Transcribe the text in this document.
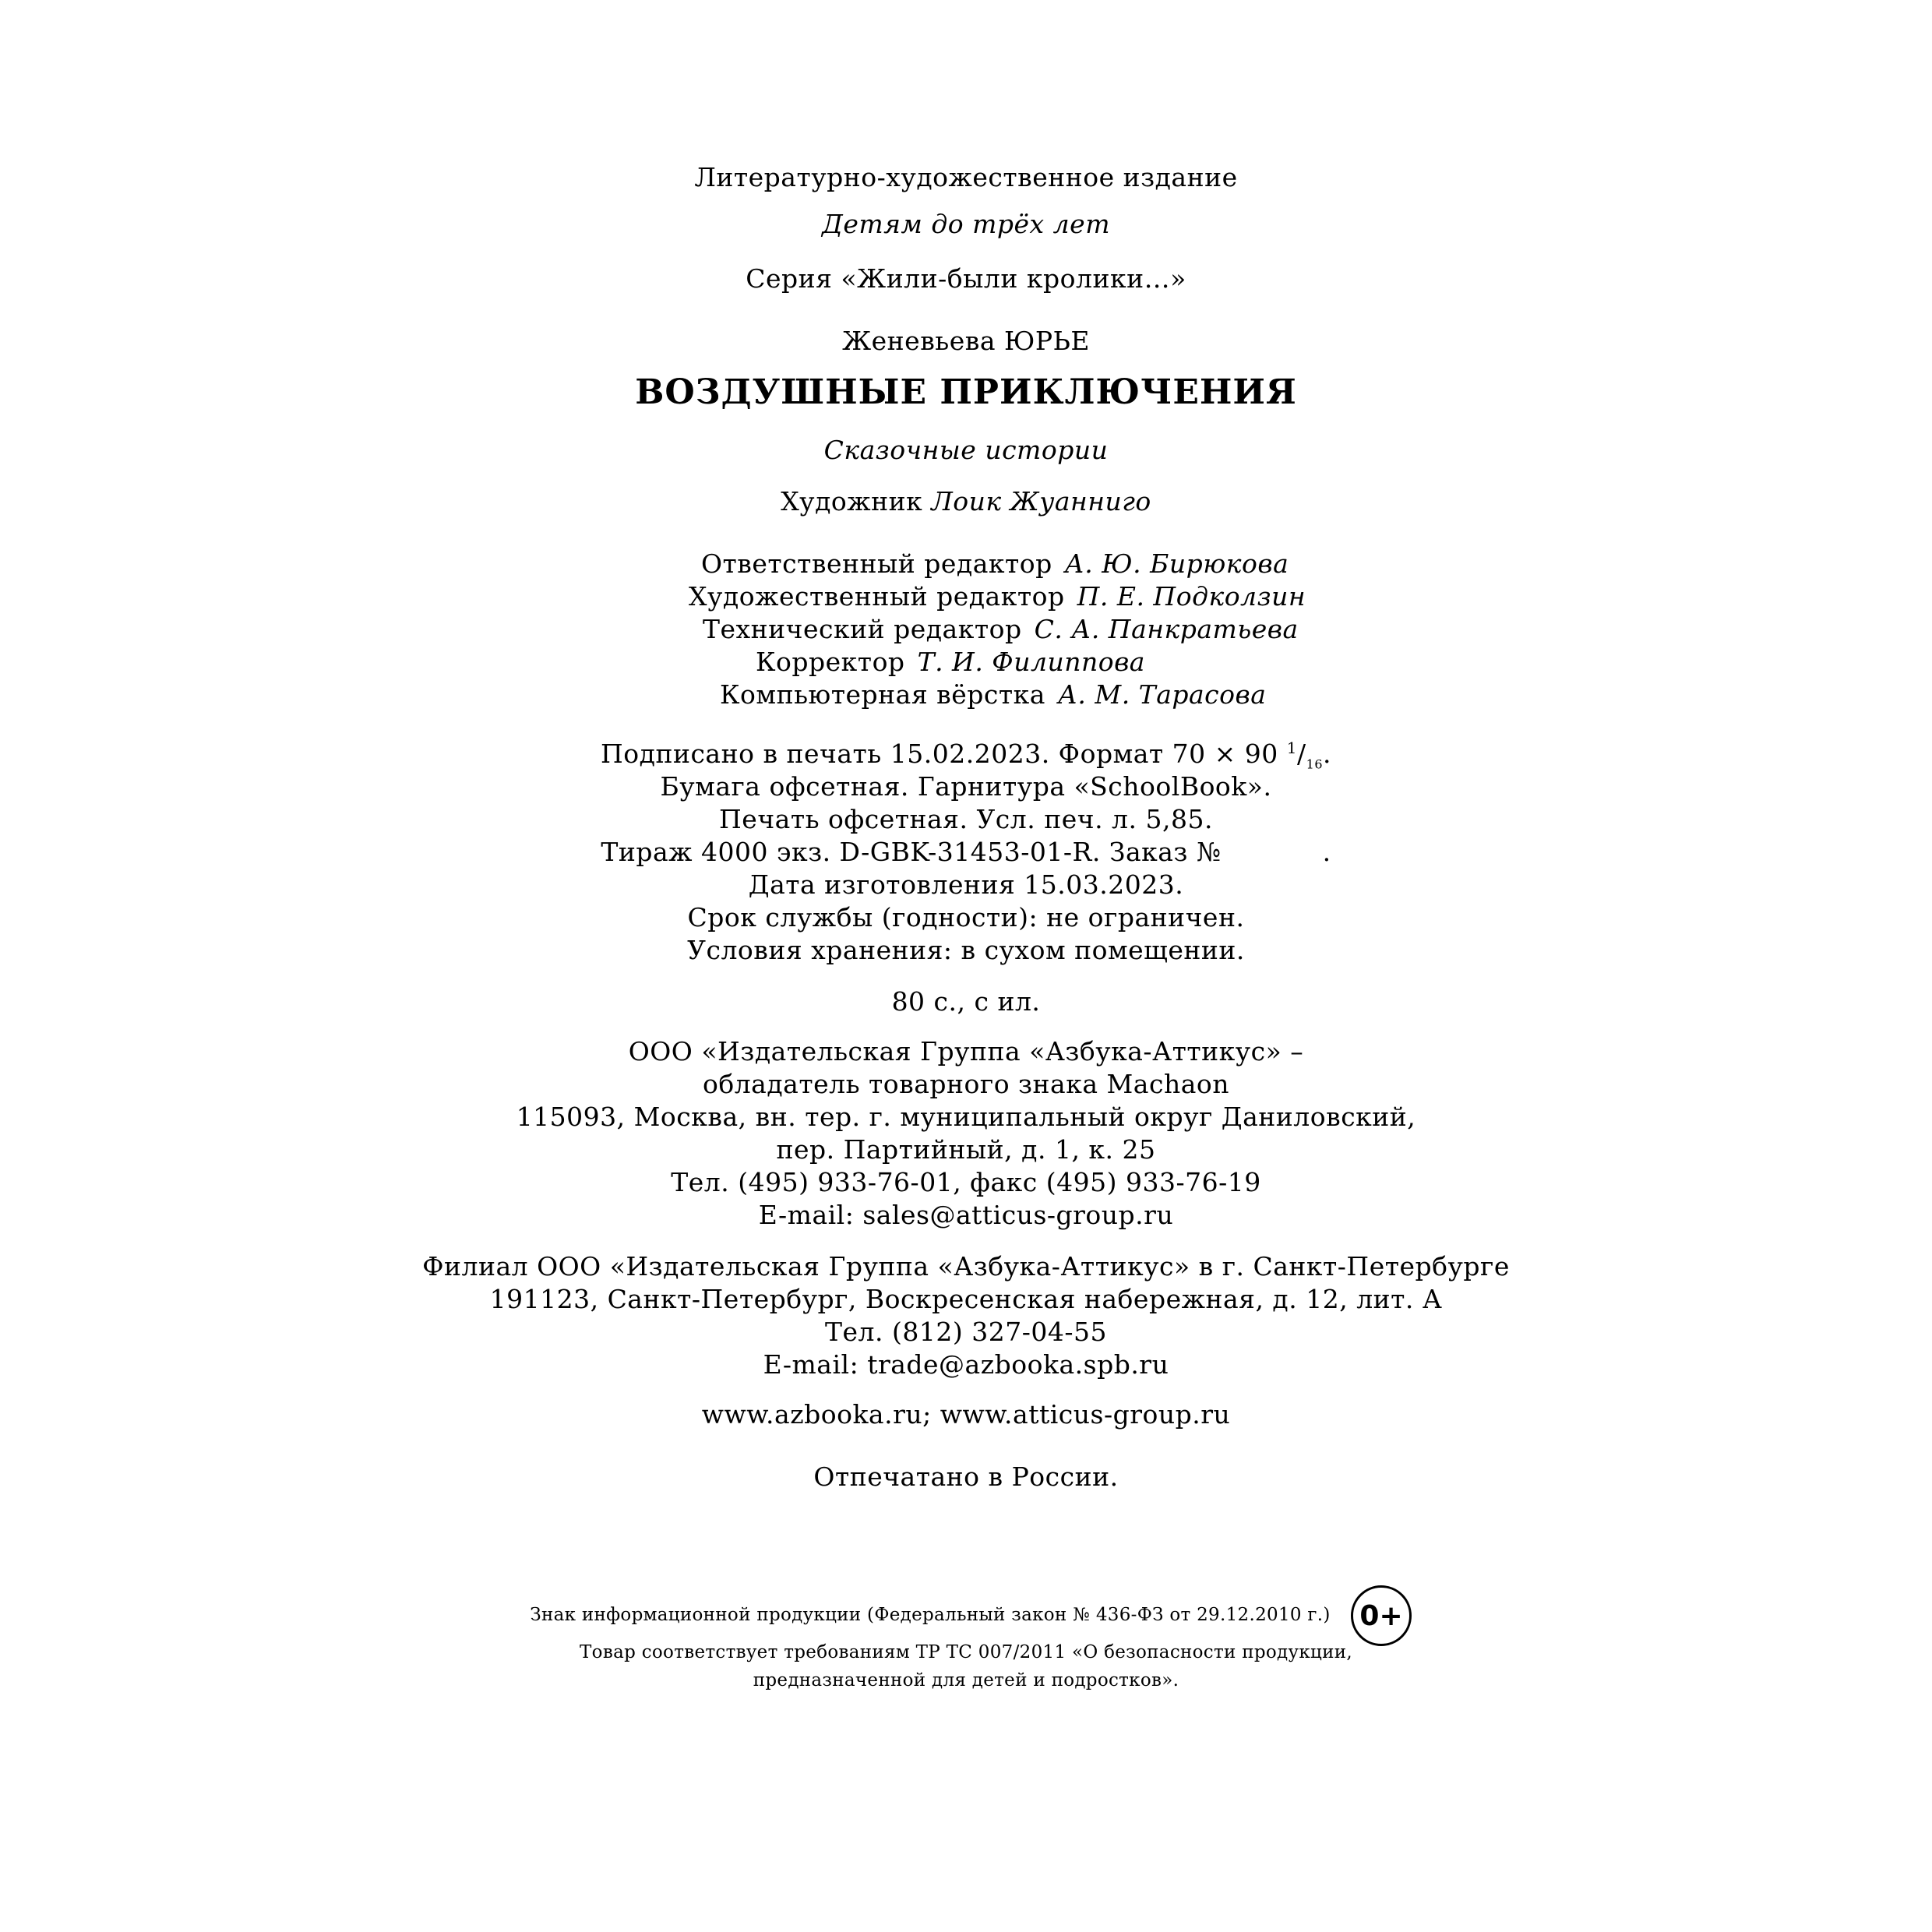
Литературно-художественное издание
Детям до трёх лет
Серия «Жили-были кролики…»
Женевьева ЮРЬЕ
ВОЗДУШНЫЕ ПРИКЛЮЧЕНИЯ
Сказочные истории
Художник Лоик Жуанниго
Ответственный редактор А. Ю. Бирюкова
Художественный редактор П. Е. Подколзин
Технический редактор С. А. Панкратьева
Корректор Т. И. Филиппова
Компьютерная вёрстка А. М. Тарасова
Подписано в печать 15.02.2023. Формат 70 × 90 $^1/_{16}$.
Бумага офсетная. Гарнитура «SchoolBook».
Печать офсетная. Усл. печ. л. 5,85.
Тираж 4000 экз. D-GBK-31453-01-R. Заказ №	.
Дата изготовления 15.03.2023.
Срок службы (годности): не ограничен.
Условия хранения: в сухом помещении.
80 с., с ил.
ООО «Издательская Группа «Азбука-Аттикус» –
обладатель товарного знака Machaon
115093, Москва, вн. тер. г. муниципальный округ Даниловский,
пер. Партийный, д. 1, к. 25
Тел. (495) 933-76-01, факс (495) 933-76-19
E-mail: sales@atticus-group.ru
Филиал ООО «Издательская Группа «Азбука-Аттикус» в г. Санкт-Петербурге
191123, Санкт-Петербург, Воскресенская набережная, д. 12, лит. А
Тел. (812) 327-04-55
E-mail: trade@azbooka.spb.ru
www.azbooka.ru; www.atticus-group.ru
Отпечатано в России.
Знак информационной продукции (Федеральный закон № 436-ФЗ от 29.12.2010 г.)	0+
Товар соответствует требованиям ТР ТС 007/2011 «О безопасности продукции,
предназначенной для детей и подростков».
